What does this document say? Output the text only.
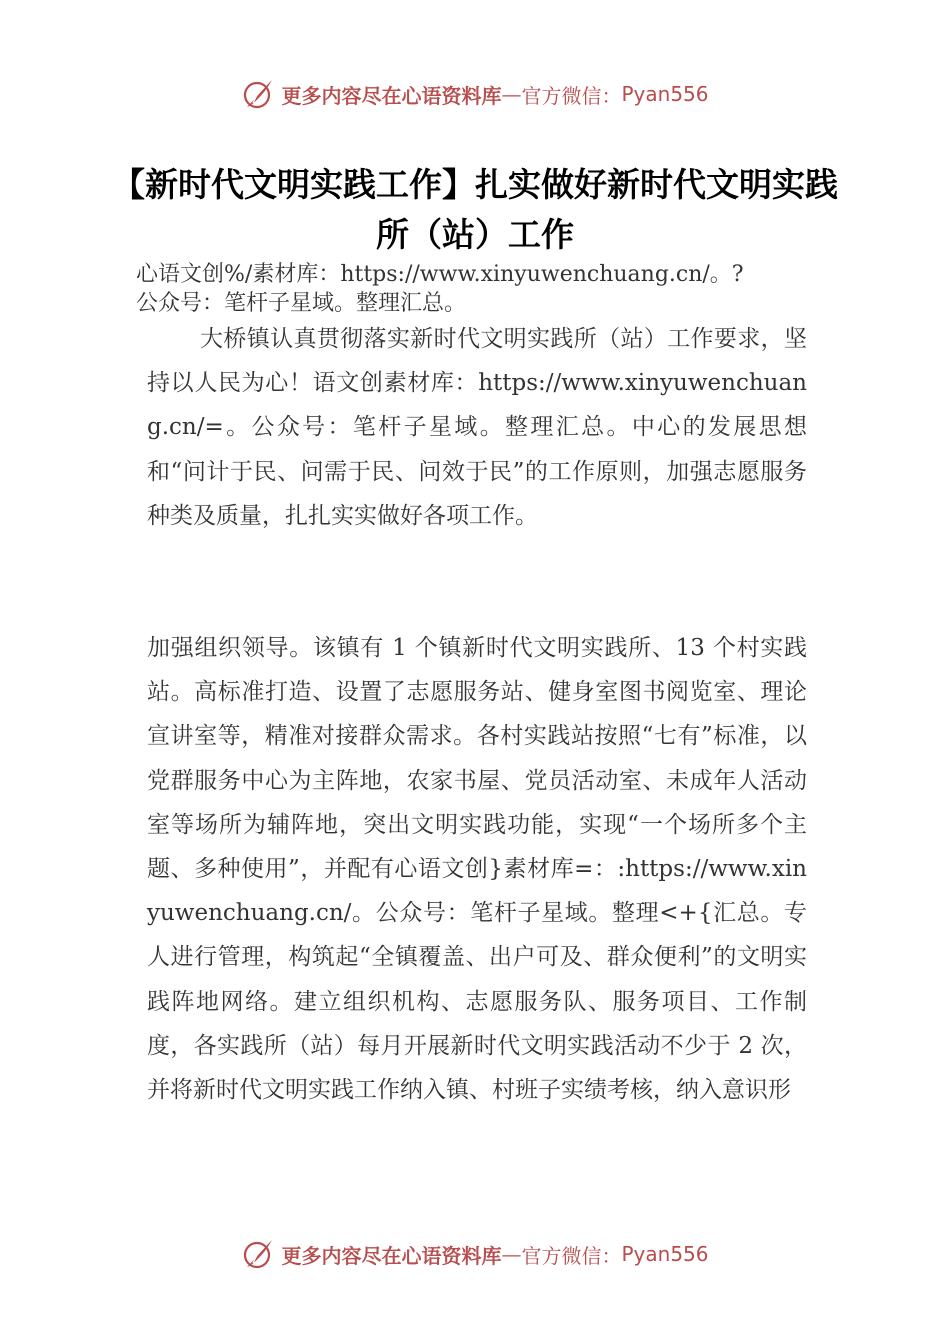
更多内容尽在心语资料库 — 官方微信： Pyan556
【新时代文明实践工作】扎实做好新时代文明实践所（站）工作
心语文创%/素材库：https://www.xinyuwenchuang.cn/。?
公众号：笔杆子星域。整理汇总。

大桥镇认真贯彻落实新时代文明实践所（站）工作要求，坚持以人民为心！语文创素材库：https://www.xinyuwenchuang.cn/=。公众号：笔杆子星域。整理汇总。中心的发展思想和“问计于民、问需于民、问效于民”的工作原则，加强志愿服务种类及质量，扎扎实实做好各项工作。

加强组织领导。该镇有 1 个镇新时代文明实践所、13 个村实践站。高标准打造、设置了志愿服务站、健身室图书阅览室、理论宣讲室等，精准对接群众需求。各村实践站按照“七有”标准，以党群服务中心为主阵地，农家书屋、党员活动室、未成年人活动室等场所为辅阵地，突出文明实践功能，实现“一个场所多个主题、多种使用”，并配有心语文创}素材库=：:https://www.xinyuwenchuang.cn/。公众号：笔杆子星域。整理<+{汇总。专人进行管理，构筑起“全镇覆盖、出户可及、群众便利”的文明实践阵地网络。建立组织机构、志愿服务队、服务项目、工作制度，各实践所（站）每月开展新时代文明实践活动不少于 2 次，并将新时代文明实践工作纳入镇、村班子实绩考核，纳入意识形

更多内容尽在心语资料库 — 官方微信： Pyan556
